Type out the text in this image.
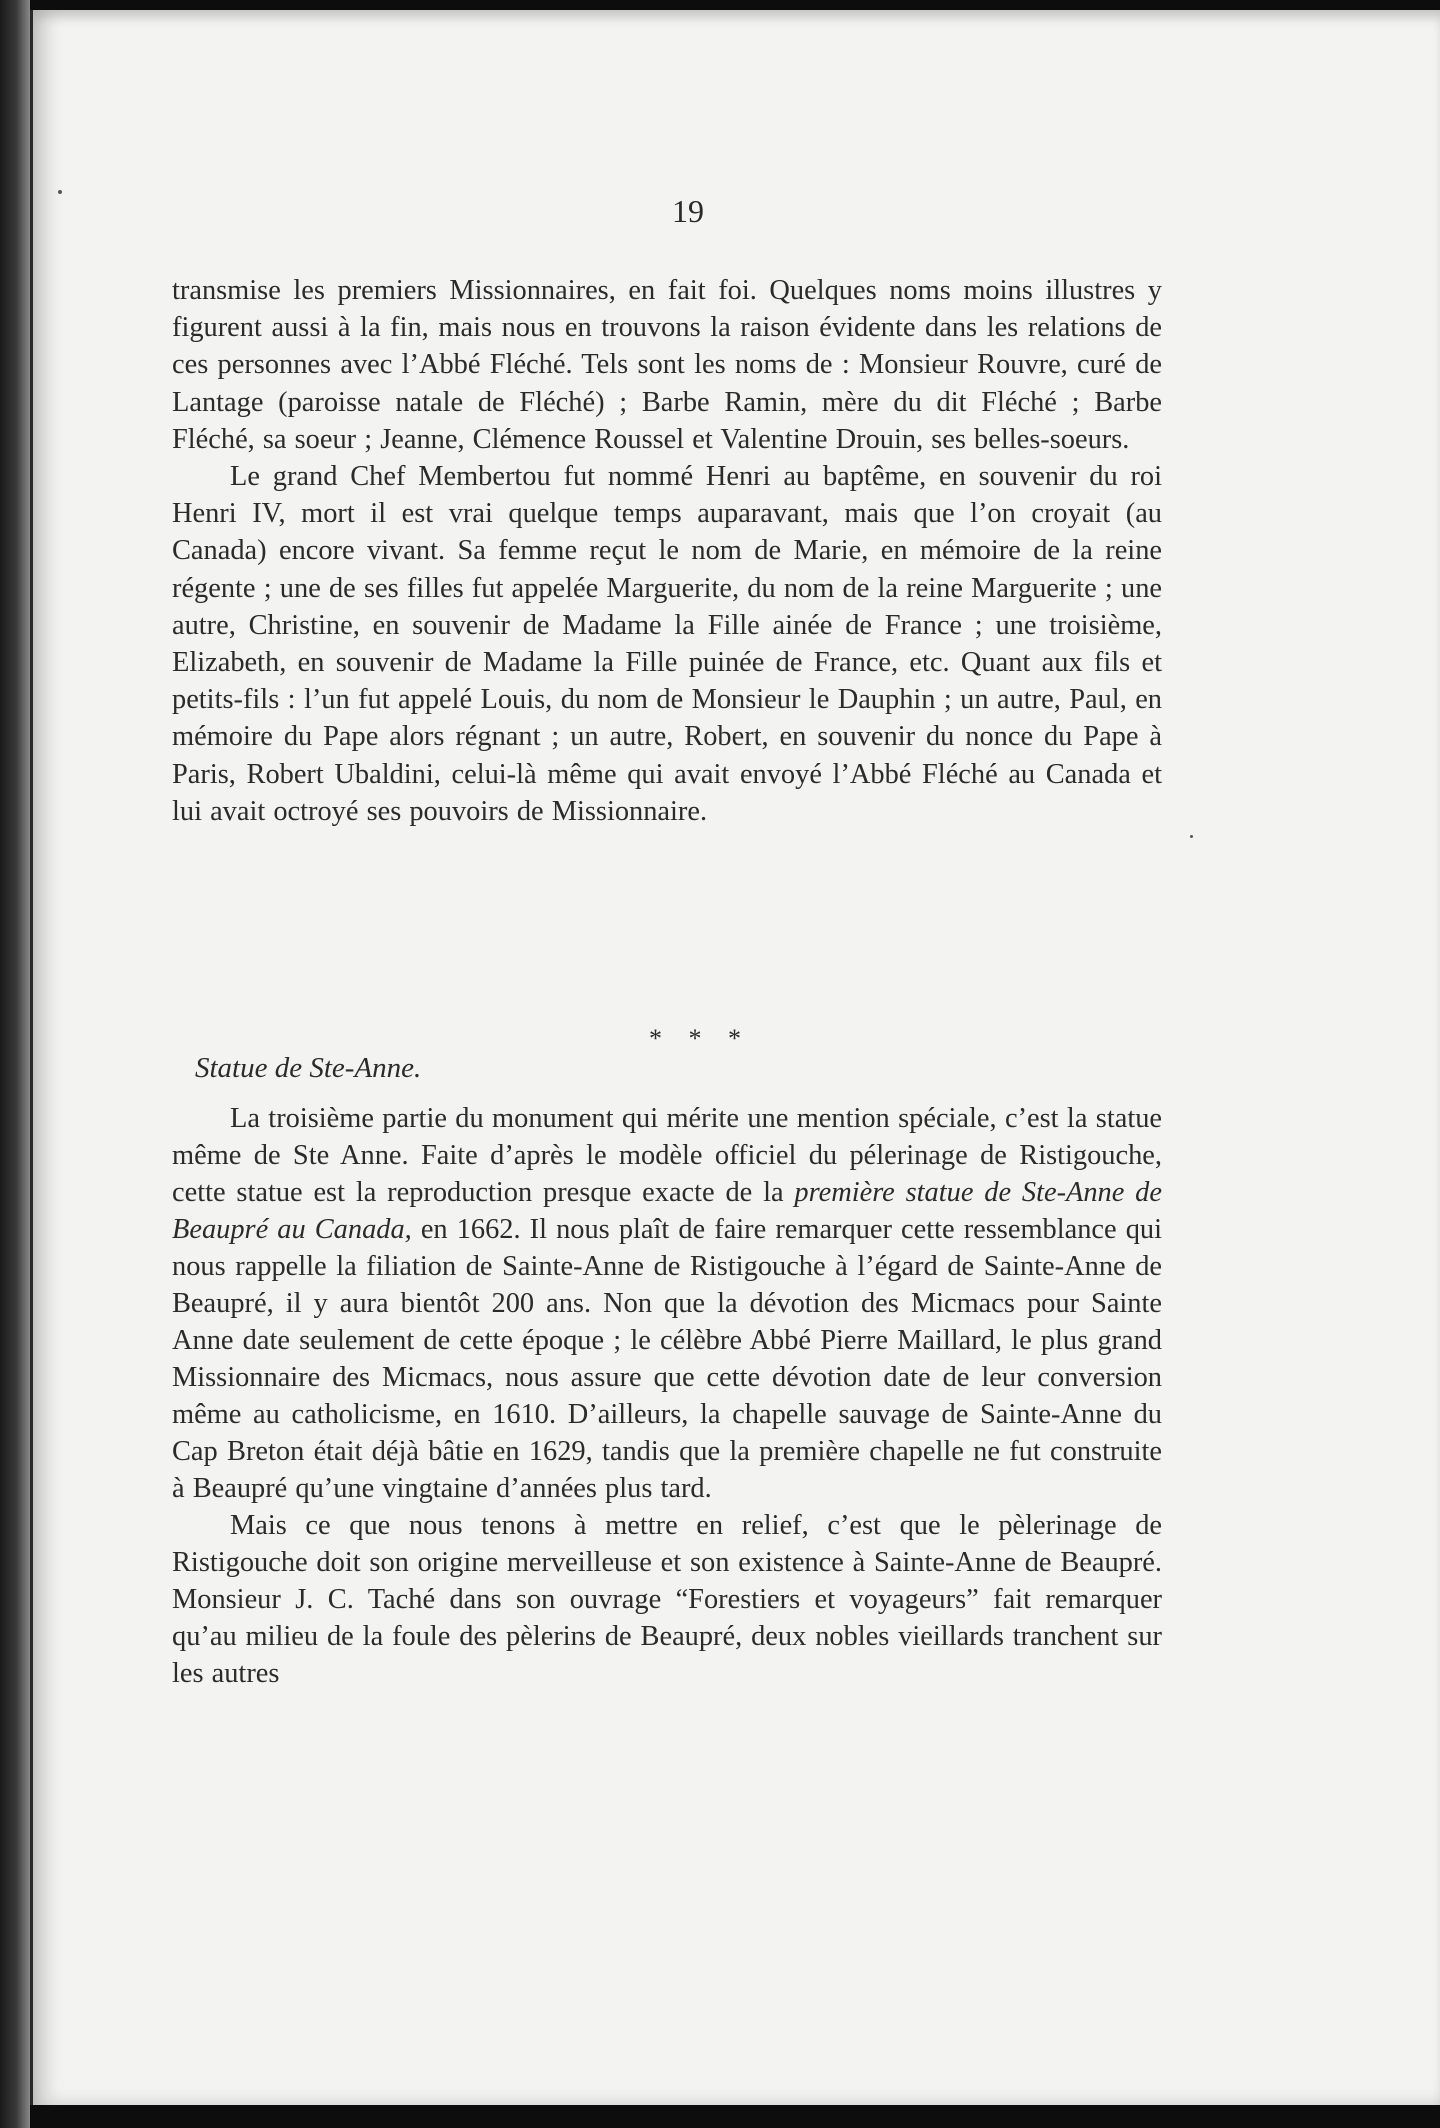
19

transmise les premiers Missionnaires, en fait foi. Quelques noms moins illustres y figurent aussi à la fin, mais nous en trouvons la raison évidente dans les relations de ces personnes avec l’Abbé Fléché. Tels sont les noms de : Monsieur Rouvre, curé de Lantage (paroisse natale de Fléché) ; Barbe Ramin, mère du dit Fléché ; Barbe Fléché, sa soeur ; Jeanne, Clémence Roussel et Valentine Drouin, ses belles-soeurs.

Le grand Chef Membertou fut nommé Henri au baptême, en souvenir du roi Henri IV, mort il est vrai quelque temps auparavant, mais que l’on croyait (au Canada) encore vivant. Sa femme reçut le nom de Marie, en mémoire de la reine régente ; une de ses filles fut appelée Marguerite, du nom de la reine Marguerite ; une autre, Christine, en souvenir de Madame la Fille ainée de France ; une troisième, Elizabeth, en souvenir de Madame la Fille puinée de France, etc. Quant aux fils et petits-fils : l’un fut appelé Louis, du nom de Monsieur le Dauphin ; un autre, Paul, en mémoire du Pape alors régnant ; un autre, Robert, en souvenir du nonce du Pape à Paris, Robert Ubaldini, celui-là même qui avait envoyé l’Abbé Fléché au Canada et lui avait octroyé ses pouvoirs de Missionnaire.

* * *
Statue de Ste-Anne.

La troisième partie du monument qui mérite une mention spéciale, c’est la statue même de Ste Anne. Faite d’après le modèle officiel du pélerinage de Ristigouche, cette statue est la reproduction presque exacte de la première statue de Ste-Anne de Beaupré au Canada, en 1662. Il nous plaît de faire remarquer cette ressemblance qui nous rappelle la filiation de Sainte-Anne de Ristigouche à l’égard de Sainte-Anne de Beaupré, il y aura bientôt 200 ans. Non que la dévotion des Micmacs pour Sainte Anne date seulement de cette époque ; le célèbre Abbé Pierre Maillard, le plus grand Missionnaire des Micmacs, nous assure que cette dévotion date de leur conversion même au catholicisme, en 1610. D’ailleurs, la chapelle sauvage de Sainte-Anne du Cap Breton était déjà bâtie en 1629, tandis que la première chapelle ne fut construite à Beaupré qu’une vingtaine d’années plus tard.

Mais ce que nous tenons à mettre en relief, c’est que le pèlerinage de Ristigouche doit son origine merveilleuse et son existence à Sainte-Anne de Beaupré. Monsieur J. C. Taché dans son ouvrage “Forestiers et voyageurs” fait remarquer qu’au milieu de la foule des pèlerins de Beaupré, deux nobles vieillards tranchent sur les autres
